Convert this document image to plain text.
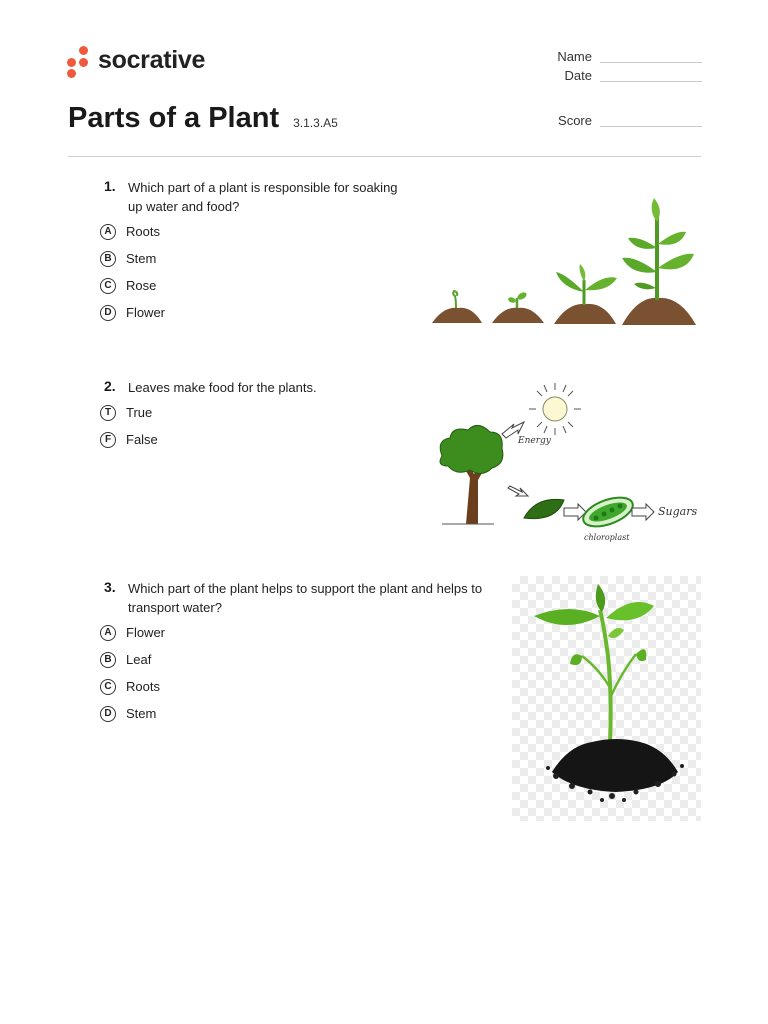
socrative	Name
Date
Score
Parts of a Plant 3.1.3.A5
1. Which part of a plant is responsible for soaking up water and food?
A	Roots
B	Stem
C	Rose
D	Flower
2. Leaves make food for the plants.
T	True
F	False	Energy
chloroplast
Sugars
3. Which part of the plant helps to support the plant and helps to transport water?
A	Flower
B	Leaf
C	Roots
D	Stem
